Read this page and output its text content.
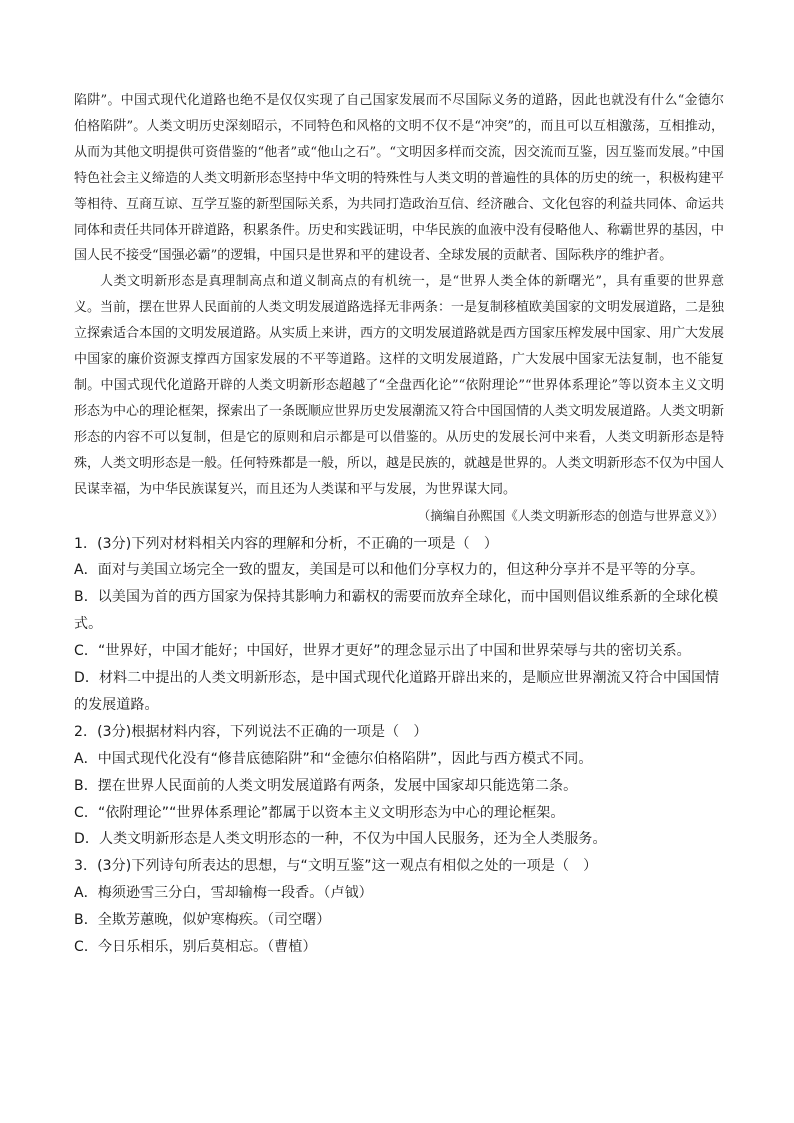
陷阱”。中国式现代化道路也绝不是仅仅实现了自己国家发展而不尽国际义务的道路，因此也就没有什么“金德尔伯格陷阱”。人类文明历史深刻昭示，不同特色和风格的文明不仅不是“冲突”的，而且可以互相激荡，互相推动，从而为其他文明提供可资借鉴的“他者”或“他山之石”。“文明因多样而交流，因交流而互鉴，因互鉴而发展。”中国特色社会主义缔造的人类文明新形态坚持中华文明的特殊性与人类文明的普遍性的具体的历史的统一，积极构建平等相待、互商互谅、互学互鉴的新型国际关系，为共同打造政治互信、经济融合、文化包容的利益共同体、命运共同体和责任共同体开辟道路，积累条件。历史和实践证明，中华民族的血液中没有侵略他人、称霸世界的基因，中国人民不接受“国强必霸”的逻辑，中国只是世界和平的建设者、全球发展的贡献者、国际秩序的维护者。

人类文明新形态是真理制高点和道义制高点的有机统一，是“世界人类全体的新曙光”，具有重要的世界意义。当前，摆在世界人民面前的人类文明发展道路选择无非两条：一是复制移植欧美国家的文明发展道路，二是独立探索适合本国的文明发展道路。从实质上来讲，西方的文明发展道路就是西方国家压榨发展中国家、用广大发展中国家的廉价资源支撑西方国家发展的不平等道路。这样的文明发展道路，广大发展中国家无法复制，也不能复制。中国式现代化道路开辟的人类文明新形态超越了“全盘西化论”“依附理论”“世界体系理论”等以资本主义文明形态为中心的理论框架，探索出了一条既顺应世界历史发展潮流又符合中国国情的人类文明发展道路。人类文明新形态的内容不可以复制，但是它的原则和启示都是可以借鉴的。从历史的发展长河中来看，人类文明新形态是特殊，人类文明形态是一般。任何特殊都是一般，所以，越是民族的，就越是世界的。人类文明新形态不仅为中国人民谋幸福，为中华民族谋复兴，而且还为人类谋和平与发展，为世界谋大同。

（摘编自孙熙国《人类文明新形态的创造与世界意义》）

1．(3分)下列对材料相关内容的理解和分析，不正确的一项是（　）

A．面对与美国立场完全一致的盟友，美国是可以和他们分享权力的，但这种分享并不是平等的分享。

B．以美国为首的西方国家为保持其影响力和霸权的需要而放弃全球化，而中国则倡议维系新的全球化模式。

C．“世界好，中国才能好；中国好，世界才更好”的理念显示出了中国和世界荣辱与共的密切关系。

D．材料二中提出的人类文明新形态，是中国式现代化道路开辟出来的，是顺应世界潮流又符合中国国情的发展道路。

2．(3分)根据材料内容，下列说法不正确的一项是（　）

A．中国式现代化没有“修昔底德陷阱”和“金德尔伯格陷阱”，因此与西方模式不同。

B．摆在世界人民面前的人类文明发展道路有两条，发展中国家却只能选第二条。

C．“依附理论”“世界体系理论”都属于以资本主义文明形态为中心的理论框架。

D．人类文明新形态是人类文明形态的一种，不仅为中国人民服务，还为全人类服务。

3．(3分)下列诗句所表达的思想，与“文明互鉴”这一观点有相似之处的一项是（　）

A．梅须逊雪三分白，雪却输梅一段香。（卢钺）

B．全欺芳蕙晚，似妒寒梅疾。（司空曙）

C．今日乐相乐，别后莫相忘。（曹植）
